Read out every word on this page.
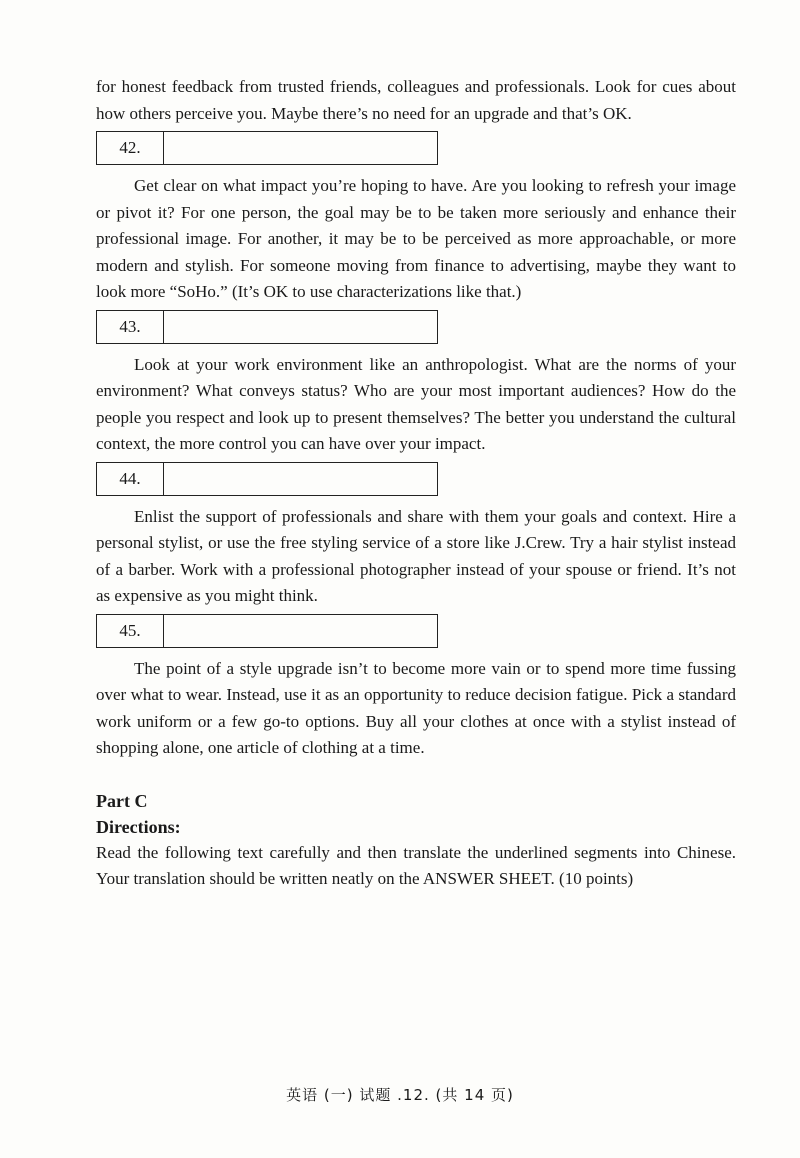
for honest feedback from trusted friends, colleagues and professionals. Look for cues about how others perceive you. Maybe there’s no need for an upgrade and that’s OK.

42.

Get clear on what impact you’re hoping to have. Are you looking to refresh your image or pivot it? For one person, the goal may be to be taken more seriously and enhance their professional image. For another, it may be to be perceived as more approachable, or more modern and stylish. For someone moving from finance to advertising, maybe they want to look more “SoHo.” (It’s OK to use characterizations like that.)

43.

Look at your work environment like an anthropologist. What are the norms of your environment? What conveys status? Who are your most important audiences? How do the people you respect and look up to present themselves? The better you understand the cultural context, the more control you can have over your impact.

44.

Enlist the support of professionals and share with them your goals and context. Hire a personal stylist, or use the free styling service of a store like J.Crew. Try a hair stylist instead of a barber. Work with a professional photographer instead of your spouse or friend. It’s not as expensive as you might think.

45.

The point of a style upgrade isn’t to become more vain or to spend more time fussing over what to wear. Instead, use it as an opportunity to reduce decision fatigue. Pick a standard work uniform or a few go-to options. Buy all your clothes at once with a stylist instead of shopping alone, one article of clothing at a time.

Part C
Directions:

Read the following text carefully and then translate the underlined segments into Chinese. Your translation should be written neatly on the ANSWER SHEET. (10 points)

英语 (一) 试题 .12. (共 14 页)
